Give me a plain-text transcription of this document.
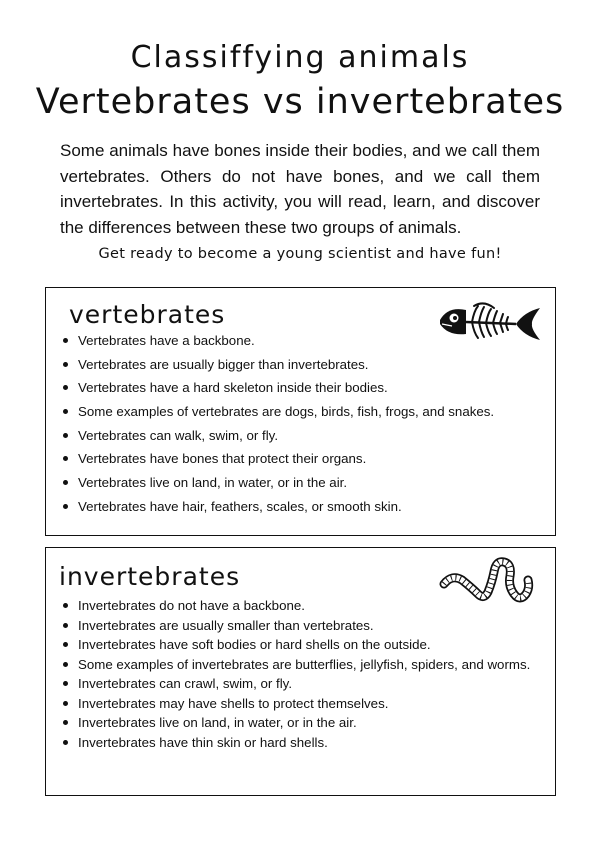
Classiffying animals
Vertebrates vs invertebrates

Some animals have bones inside their bodies, and we call them vertebrates. Others do not have bones, and we call them invertebrates. In this activity, you will read, learn, and discover the differences between these two groups of animals.

Get ready to become a young scientist and have fun!

vertebrates
Vertebrates have a backbone.
Vertebrates are usually bigger than invertebrates.
Vertebrates have a hard skeleton inside their bodies.
Some examples of vertebrates are dogs, birds, fish, frogs, and snakes.
Vertebrates can walk, swim, or fly.
Vertebrates have bones that protect their organs.
Vertebrates live on land, in water, or in the air.
Vertebrates have hair, feathers, scales, or smooth skin.
invertebrates
Invertebrates do not have a backbone.
Invertebrates are usually smaller than vertebrates.
Invertebrates have soft bodies or hard shells on the outside.
Some examples of invertebrates are butterflies, jellyfish, spiders, and worms.
Invertebrates can crawl, swim, or fly.
Invertebrates may have shells to protect themselves.
Invertebrates live on land, in water, or in the air.
Invertebrates have thin skin or hard shells.
